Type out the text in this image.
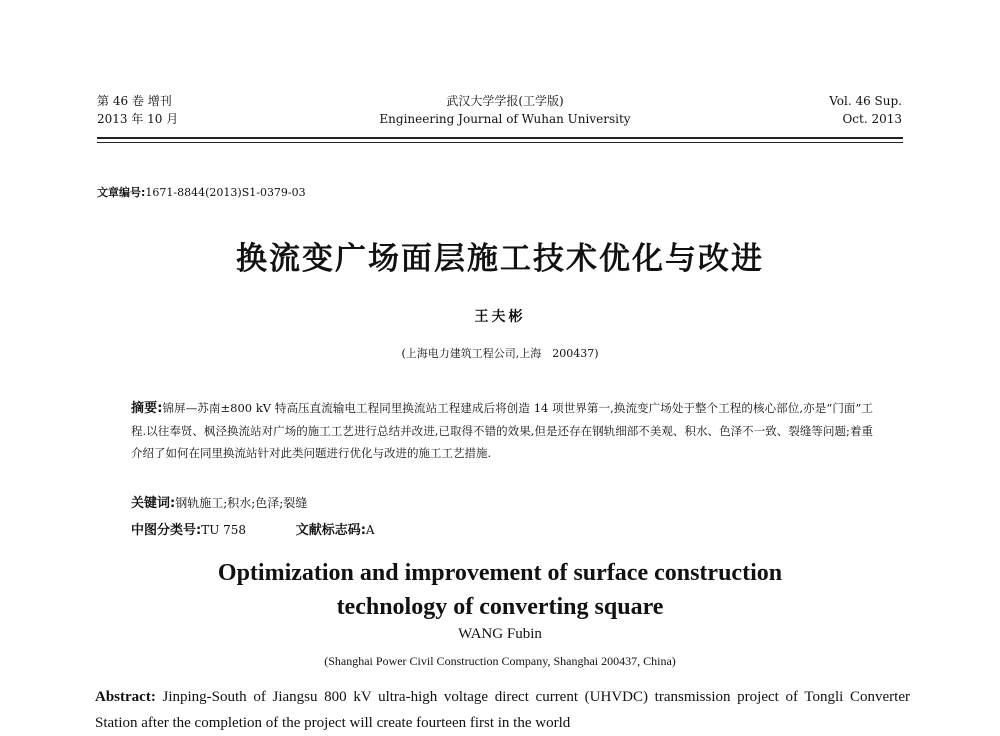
第 46 卷 增刊
2013 年 10 月
武汉大学学报(工学版)
Engineering Journal of Wuhan University
Vol. 46 Sup.
Oct. 2013
文章编号:1671-8844(2013)S1-0379-03
换流变广场面层施工技术优化与改进
王夫彬
(上海电力建筑工程公司,上海　200437)
摘要:锦屏—苏南±800 kV 特高压直流输电工程同里换流站工程建成后将创造 14 项世界第一,换流变广场处于整个工程的核心部位,亦是“门面”工程.以往奉贤、枫泾换流站对广场的施工工艺进行总结并改进,已取得不错的效果,但是还存在钢轨细部不美观、积水、色泽不一致、裂缝等问题;着重介绍了如何在同里换流站针对此类问题进行优化与改进的施工工艺措施.
关键词:钢轨施工;积水;色泽;裂缝
中图分类号:TU 758	文献标志码:A
Optimization and improvement of surface construction
technology of converting square
WANG Fubin
(Shanghai Power Civil Construction Company, Shanghai 200437, China)
Abstract: Jinping-South of Jiangsu 800 kV ultra-high voltage direct current (UHVDC) transmission project of Tongli Converter Station after the completion of the project will create fourteen first in the world
